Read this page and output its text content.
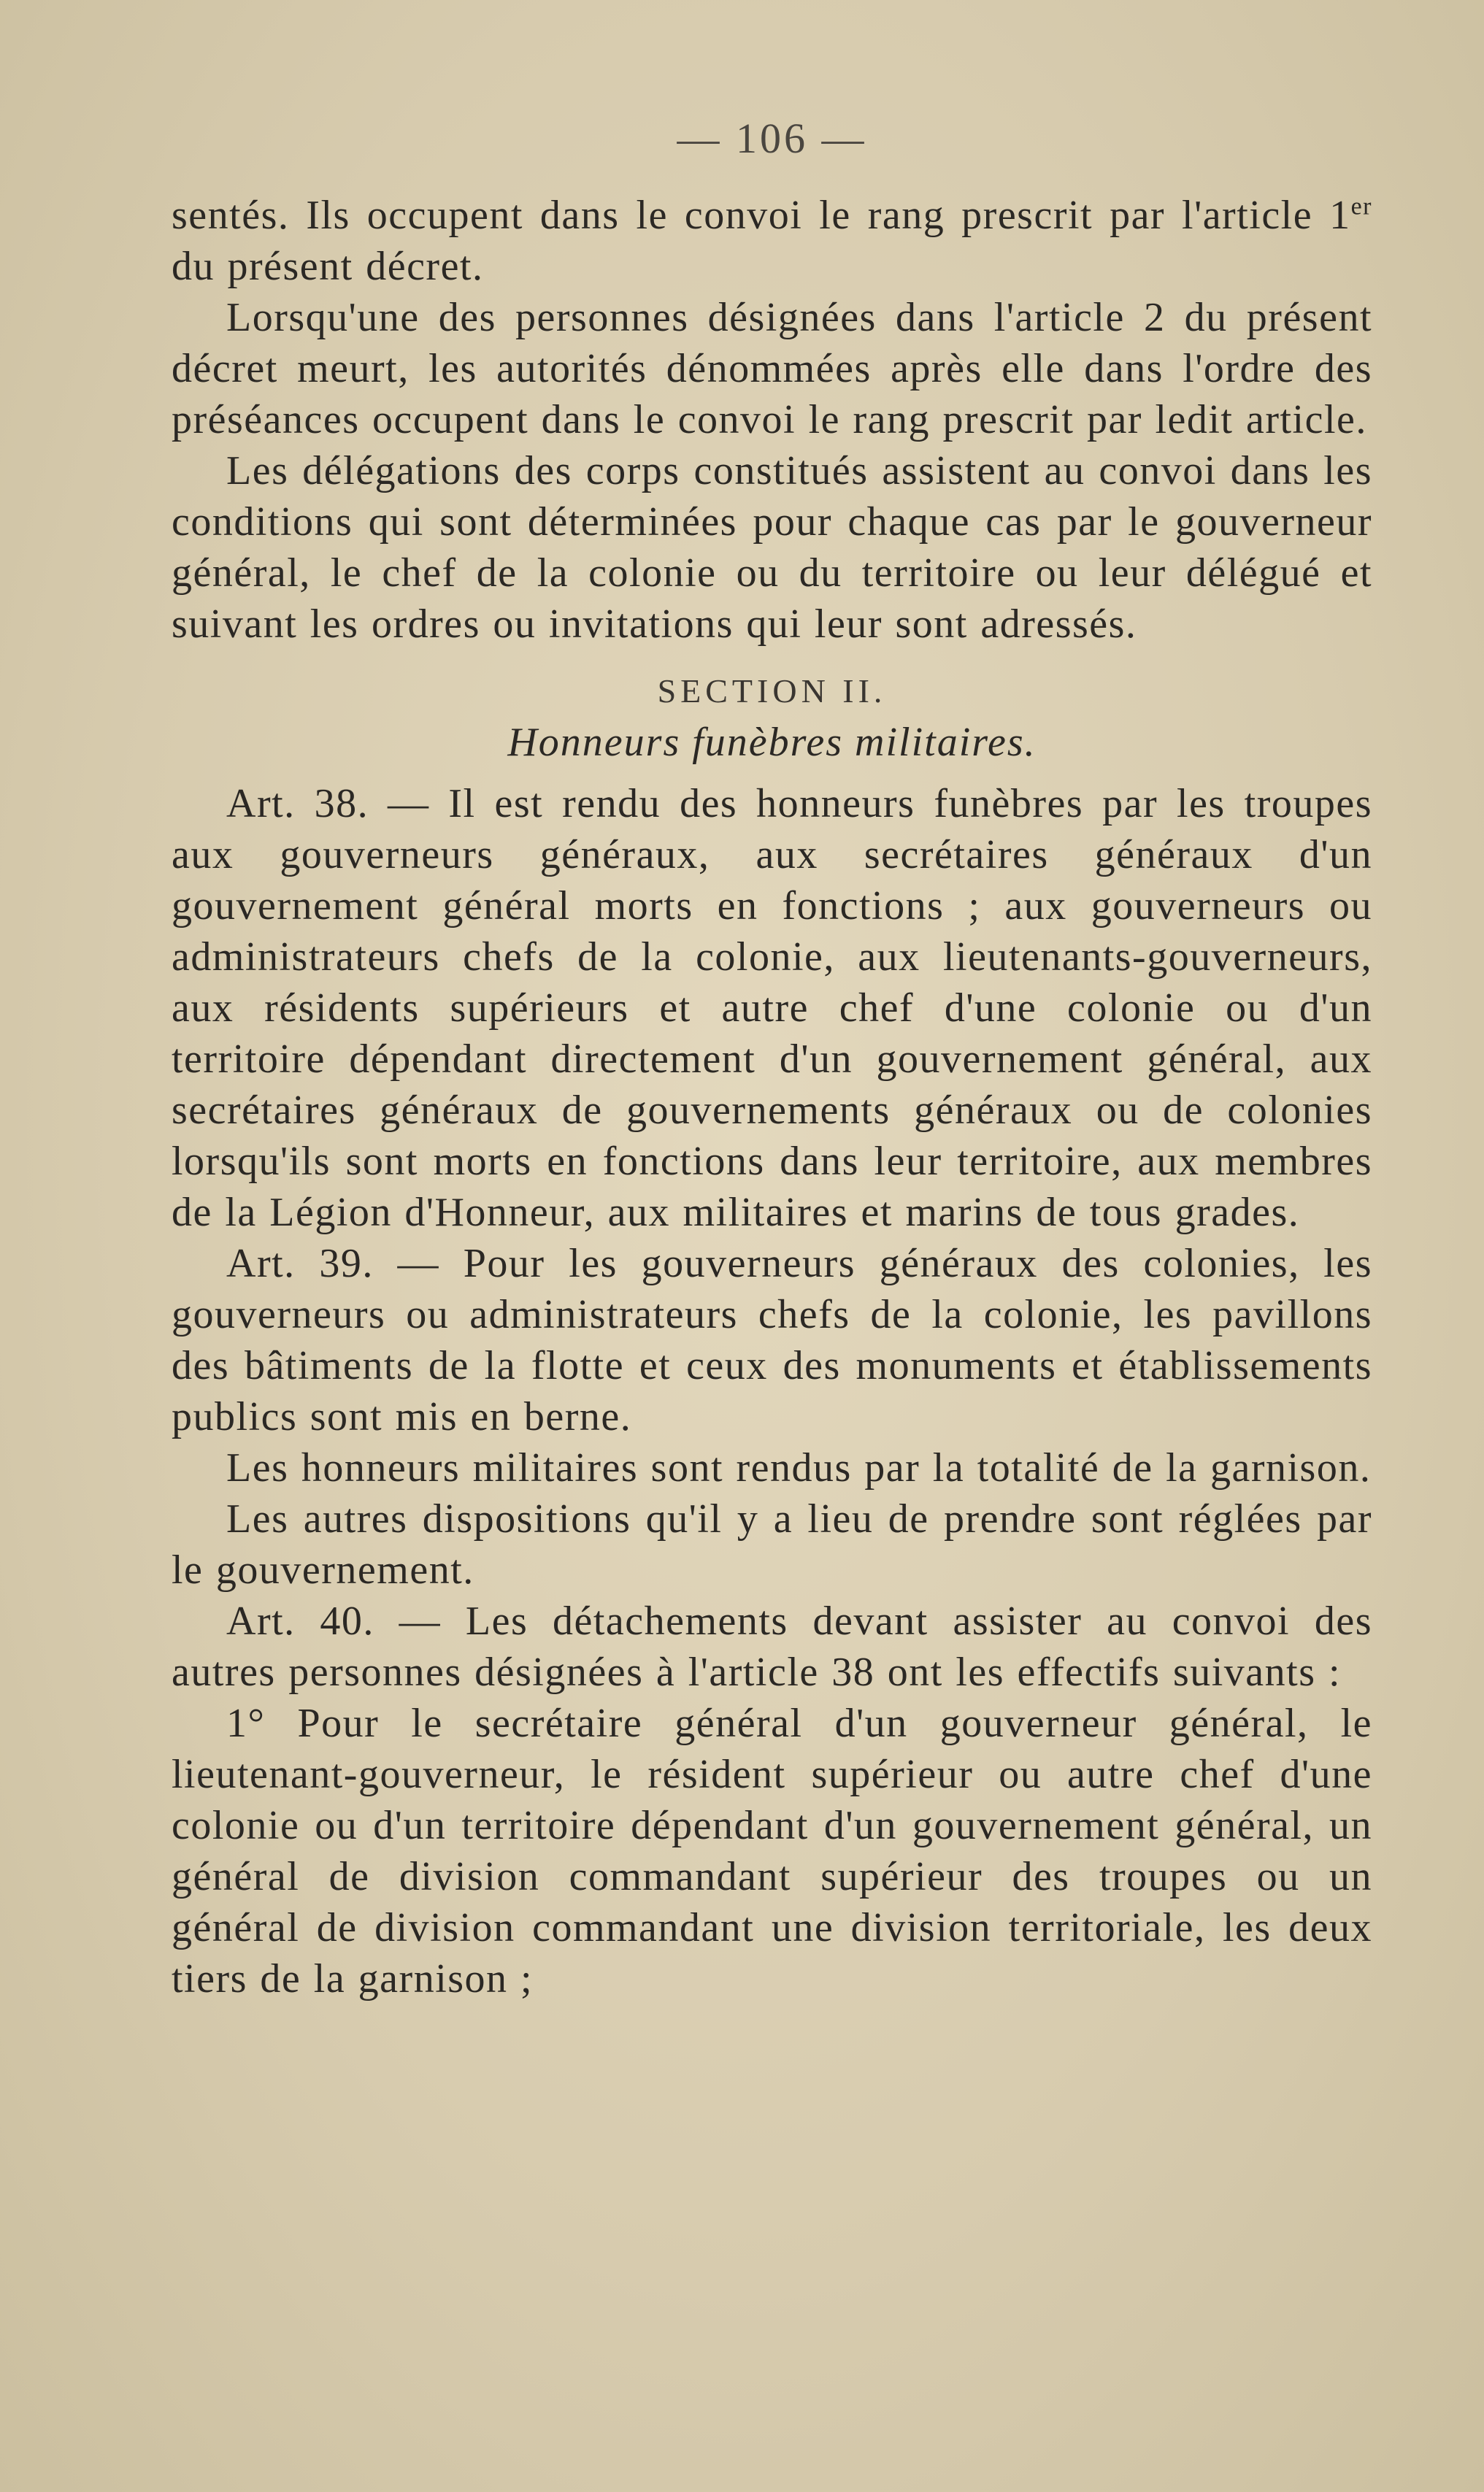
— 106 —

sentés. Ils occupent dans le convoi le rang prescrit par l'article 1er du présent décret.

Lorsqu'une des personnes désignées dans l'article 2 du présent décret meurt, les autorités dénommées après elle dans l'ordre des préséances occupent dans le convoi le rang prescrit par ledit article.

Les délégations des corps constitués assistent au convoi dans les conditions qui sont déterminées pour chaque cas par le gouverneur général, le chef de la colonie ou du territoire ou leur délégué et suivant les ordres ou invitations qui leur sont adressés.

SECTION II.
Honneurs funèbres militaires.

Art. 38. — Il est rendu des honneurs funèbres par les troupes aux gouverneurs généraux, aux secrétaires généraux d'un gouvernement général morts en fonctions ; aux gouverneurs ou administrateurs chefs de la colonie, aux lieutenants-gouverneurs, aux résidents supérieurs et autre chef d'une colonie ou d'un territoire dépendant directement d'un gouvernement général, aux secrétaires généraux de gouvernements généraux ou de colonies lorsqu'ils sont morts en fonctions dans leur territoire, aux membres de la Légion d'Honneur, aux militaires et marins de tous grades.

Art. 39. — Pour les gouverneurs généraux des colonies, les gouverneurs ou administrateurs chefs de la colonie, les pavillons des bâtiments de la flotte et ceux des monuments et établissements publics sont mis en berne.

Les honneurs militaires sont rendus par la totalité de la garnison.

Les autres dispositions qu'il y a lieu de prendre sont réglées par le gouvernement.

Art. 40. — Les détachements devant assister au convoi des autres personnes désignées à l'article 38 ont les effectifs suivants :

1° Pour le secrétaire général d'un gouverneur général, le lieutenant-gouverneur, le résident supérieur ou autre chef d'une colonie ou d'un territoire dépendant d'un gouvernement général, un général de division commandant supérieur des troupes ou un général de division commandant une division territoriale, les deux tiers de la garnison ;
